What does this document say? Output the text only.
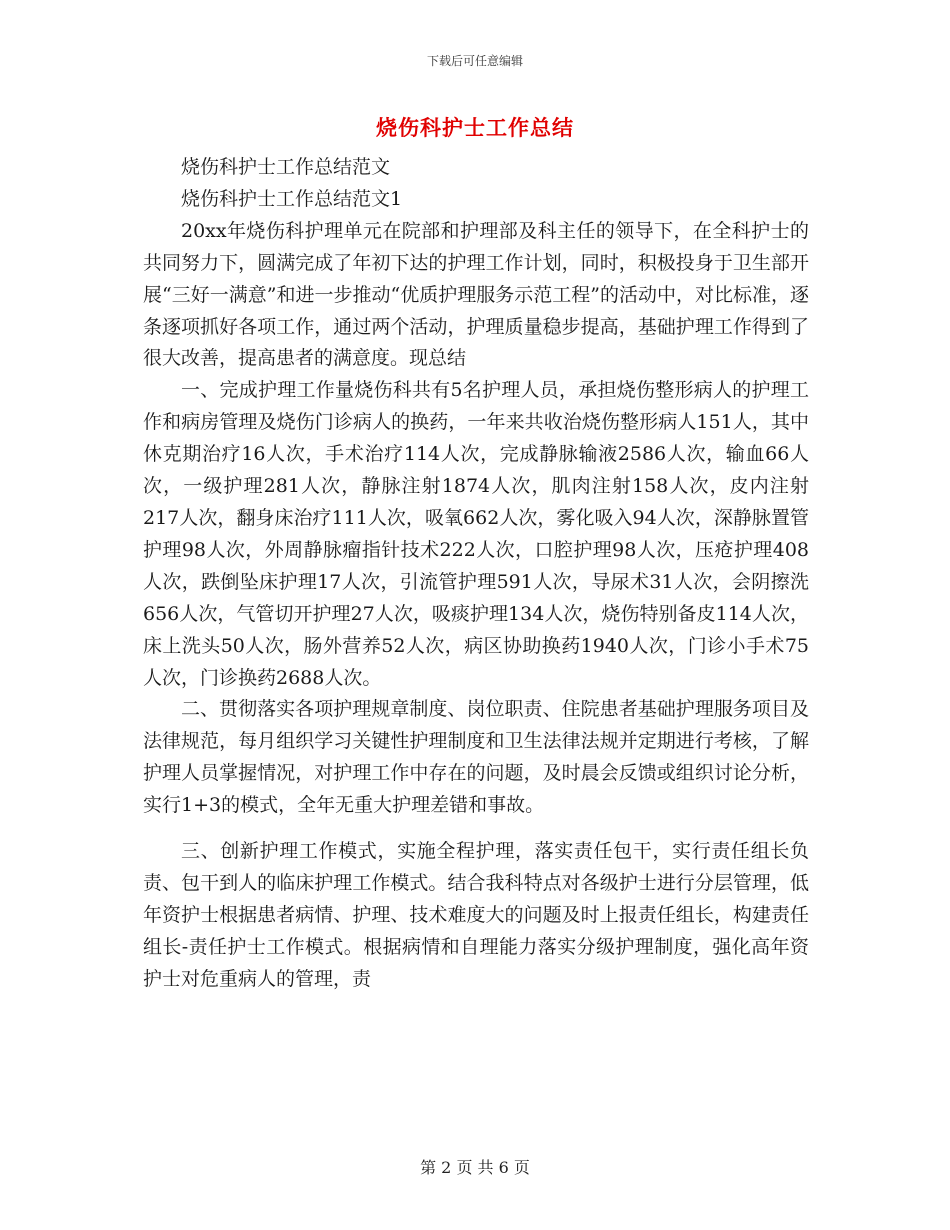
下载后可任意编辑
烧伤科护士工作总结

烧伤科护士工作总结范文

烧伤科护士工作总结范文1

20xx年烧伤科护理单元在院部和护理部及科主任的领导下，在全科护士的共同努力下，圆满完成了年初下达的护理工作计划，同时，积极投身于卫生部开展“三好一满意”和进一步推动“优质护理服务示范工程”的活动中，对比标准，逐条逐项抓好各项工作，通过两个活动，护理质量稳步提高，基础护理工作得到了很大改善，提高患者的满意度。现总结

一、完成护理工作量烧伤科共有5名护理人员，承担烧伤整形病人的护理工作和病房管理及烧伤门诊病人的换药，一年来共收治烧伤整形病人151人，其中休克期治疗16人次，手术治疗114人次，完成静脉输液2586人次，输血66人次，一级护理281人次，静脉注射1874人次，肌肉注射158人次，皮内注射217人次，翻身床治疗111人次，吸氧662人次，雾化吸入94人次，深静脉置管护理98人次，外周静脉瘤指针技术222人次，口腔护理98人次，压疮护理408人次，跌倒坠床护理17人次，引流管护理591人次，导尿术31人次，会阴擦洗656人次，气管切开护理27人次，吸痰护理134人次，烧伤特别备皮114人次，床上洗头50人次，肠外营养52人次，病区协助换药1940人次，门诊小手术75人次，门诊换药2688人次。

二、贯彻落实各项护理规章制度、岗位职责、住院患者基础护理服务项目及法律规范，每月组织学习关键性护理制度和卫生法律法规并定期进行考核，了解护理人员掌握情况，对护理工作中存在的问题，及时晨会反馈或组织讨论分析，实行1+3的模式，全年无重大护理差错和事故。

三、创新护理工作模式，实施全程护理，落实责任包干，实行责任组长负责、包干到人的临床护理工作模式。结合我科特点对各级护士进行分层管理，低年资护士根据患者病情、护理、技术难度大的问题及时上报责任组长，构建责任组长-责任护士工作模式。根据病情和自理能力落实分级护理制度，强化高年资护士对危重病人的管理，责

第 2 页 共 6 页
